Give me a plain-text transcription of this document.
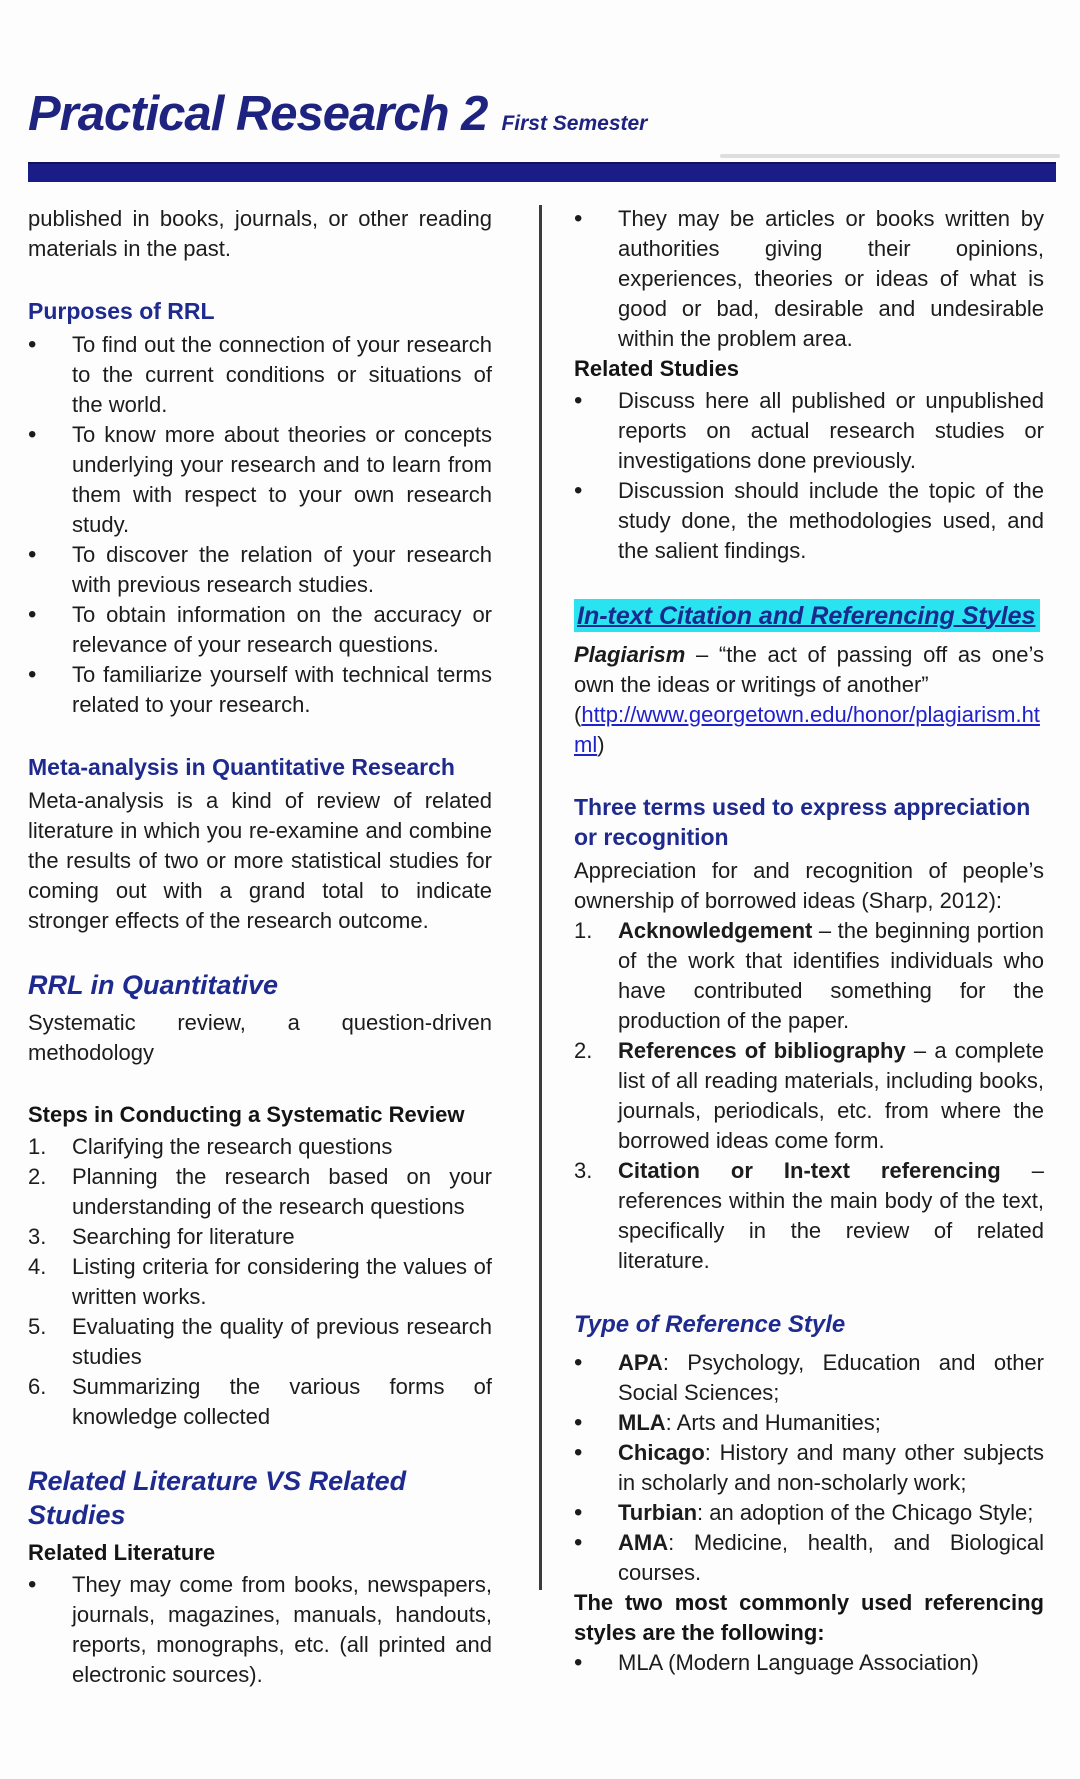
Practical Research 2 First Semester
published in books, journals, or other reading materials in the past.
Purposes of RRL
•
To find out the connection of your research to the current conditions or situations of the world.
•
To know more about theories or concepts underlying your research and to learn from them with respect to your own research study.
•
To discover the relation of your research with previous research studies.
•
To obtain information on the accuracy or relevance of your research questions.
•
To familiarize yourself with technical terms related to your research.
Meta-analysis in Quantitative Research
Meta-analysis is a kind of review of related literature in which you re-examine and combine the results of two or more statistical studies for coming out with a grand total to indicate stronger effects of the research outcome.
RRL in Quantitative
Systematic review, a question-driven methodology
Steps in Conducting a Systematic Review
Clarifying the research questions
Planning the research based on your understanding of the research questions
Searching for literature
Listing criteria for considering the values of written works.
Evaluating the quality of previous research studies
Summarizing the various forms of knowledge collected
Related Literature VS Related Studies
Related Literature
•
They may come from books, newspapers, journals, magazines, manuals, handouts, reports, monographs, etc. (all printed and electronic sources).
•
They may be articles or books written by authorities giving their opinions, experiences, theories or ideas of what is good or bad, desirable and undesirable within the problem area.
Related Studies
•
Discuss here all published or unpublished reports on actual research studies or investigations done previously.
•
Discussion should include the topic of the study done, the methodologies used, and the salient findings.
In-text Citation and Referencing Styles
Plagiarism – “the act of passing off as one’s own the ideas or writings of another”
(http://www.georgetown.edu/honor/plagiarism.html)
Three terms used to express appreciation or recognition
Appreciation for and recognition of people’s ownership of borrowed ideas (Sharp, 2012):
Acknowledgement – the beginning portion of the work that identifies individuals who have contributed something for the production of the paper.
References of bibliography – a complete list of all reading materials, including books, journals, periodicals, etc. from where the borrowed ideas come form.
Citation or In-text referencing – references within the main body of the text, specifically in the review of related literature.
Type of Reference Style
•
APA: Psychology, Education and other Social Sciences;
•
MLA: Arts and Humanities;
•
Chicago: History and many other subjects in scholarly and non-scholarly work;
•
Turbian: an adoption of the Chicago Style;
•
AMA: Medicine, health, and Biological courses.
The two most commonly used referencing styles are the following:
•
MLA (Modern Language Association)
